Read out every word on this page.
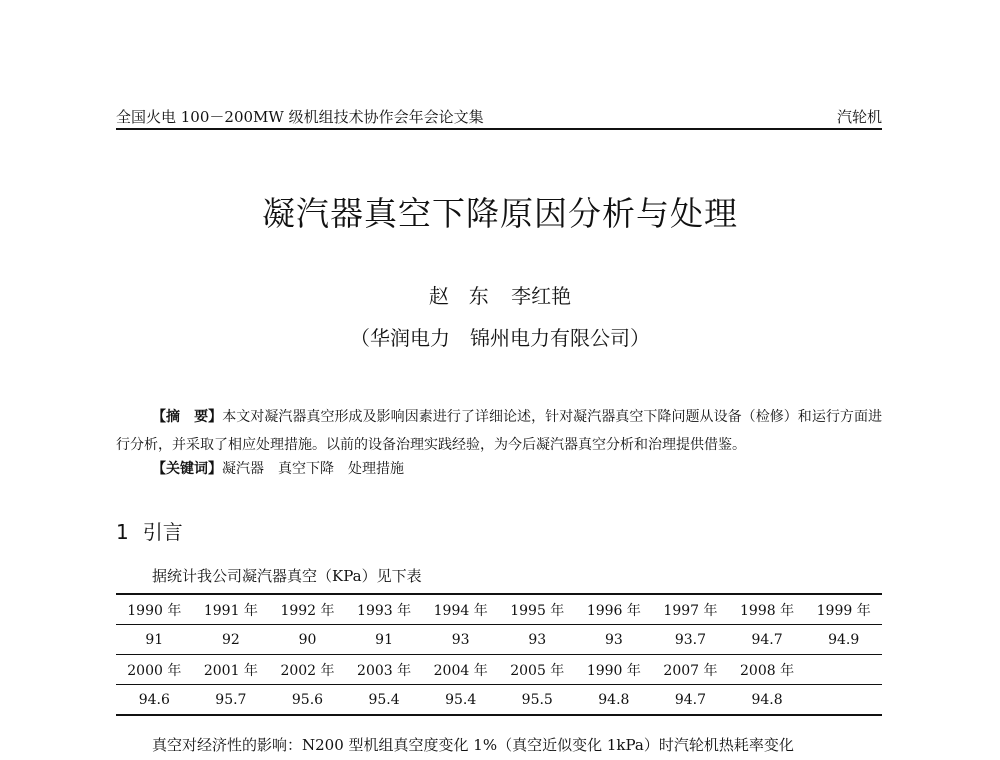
全国火电 100－200MW 级机组技术协作会年会论文集	汽轮机
凝汽器真空下降原因分析与处理
赵　东 李红艳
（华润电力　锦州电力有限公司）
【摘　要】本文对凝汽器真空形成及影响因素进行了详细论述，针对凝汽器真空下降问题从设备（检修）和运行方面进行分析，并采取了相应处理措施。以前的设备治理实践经验，为今后凝汽器真空分析和治理提供借鉴。
【关键词】凝汽器　真空下降　处理措施
1 引言
据统计我公司凝汽器真空（KPa）见下表
1990 年	1991 年	1992 年	1993 年	1994 年	1995 年	1996 年	1997 年	1998 年	1999 年
91	92	90	91	93	93	93	93.7	94.7	94.9
2000 年	2001 年	2002 年	2003 年	2004 年	2005 年	1990 年	2007 年	2008 年	
94.6	95.7	95.6	95.4	95.4	95.5	94.8	94.7	94.8	
真空对经济性的影响：N200 型机组真空度变化 1%（真空近似变化 1kPa）时汽轮机热耗率变化
